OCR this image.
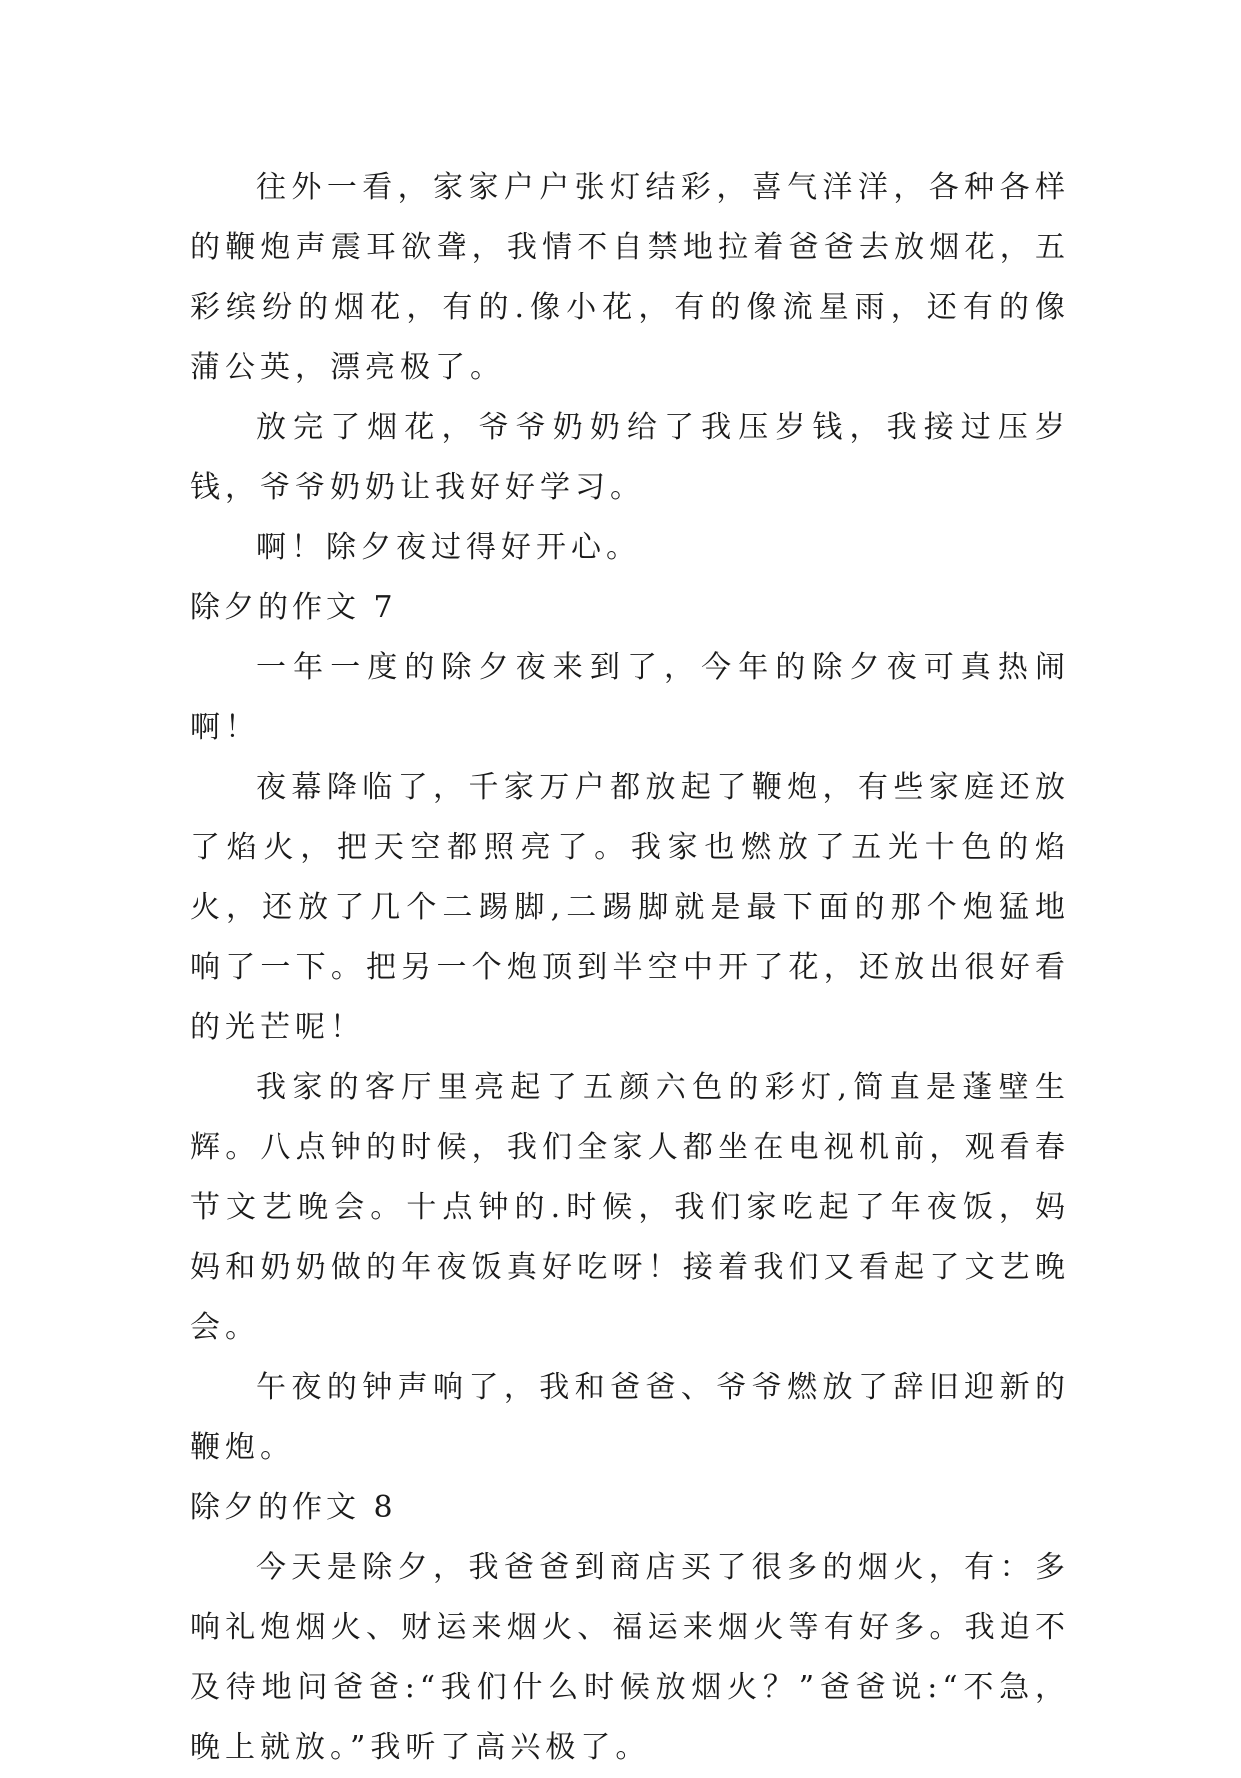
往外一看，家家户户张灯结彩，喜气洋洋，各种各样的鞭炮声震耳欲聋，我情不自禁地拉着爸爸去放烟花，五彩缤纷的烟花，有的.像小花，有的像流星雨，还有的像蒲公英，漂亮极了。

放完了烟花，爷爷奶奶给了我压岁钱，我接过压岁钱，爷爷奶奶让我好好学习。

啊！除夕夜过得好开心。

除夕的作文 7

一年一度的除夕夜来到了，今年的除夕夜可真热闹啊！

夜幕降临了，千家万户都放起了鞭炮，有些家庭还放了焰火，把天空都照亮了。我家也燃放了五光十色的焰火，还放了几个二踢脚,二踢脚就是最下面的那个炮猛地响了一下。把另一个炮顶到半空中开了花，还放出很好看的光芒呢！

我家的客厅里亮起了五颜六色的彩灯,简直是蓬壁生辉。八点钟的时候，我们全家人都坐在电视机前，观看春节文艺晚会。十点钟的.时候，我们家吃起了年夜饭，妈妈和奶奶做的年夜饭真好吃呀！接着我们又看起了文艺晚会。

午夜的钟声响了，我和爸爸、爷爷燃放了辞旧迎新的鞭炮。

除夕的作文 8

今天是除夕，我爸爸到商店买了很多的烟火，有：多响礼炮烟火、财运来烟火、福运来烟火等有好多。我迫不及待地问爸爸:“我们什么时候放烟火？”爸爸说:“不急，晚上就放。”我听了高兴极了。
